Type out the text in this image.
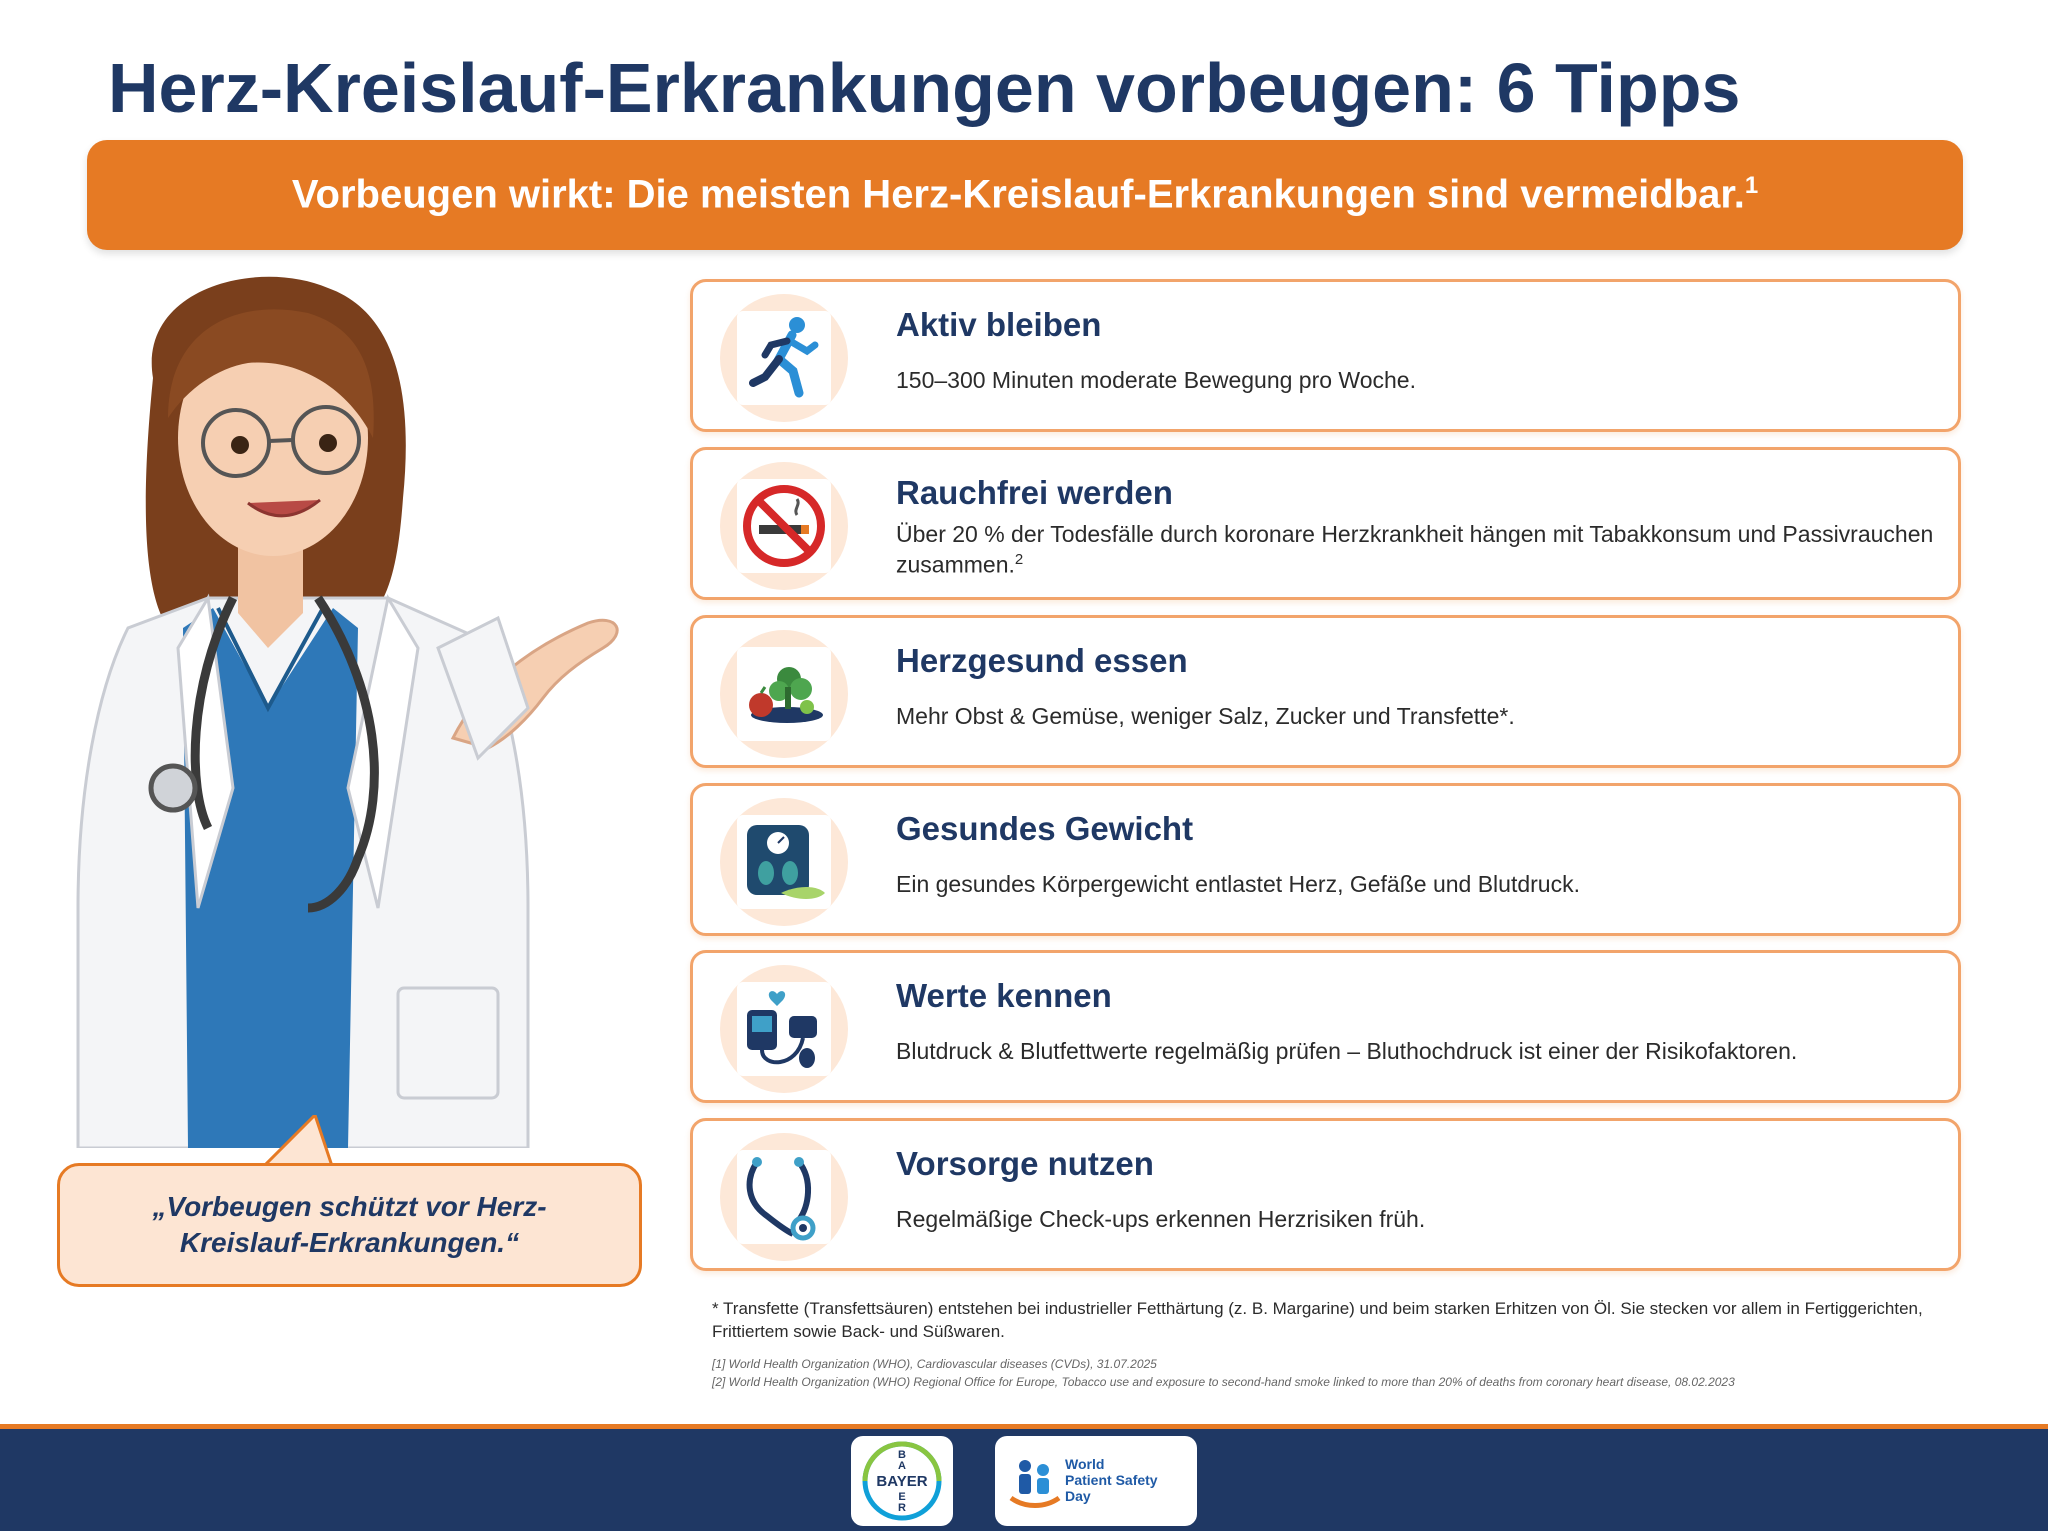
Herz-Kreislauf-Erkrankungen vorbeugen: 6 Tipps
Vorbeugen wirkt: Die meisten Herz-Kreislauf-Erkrankungen sind vermeidbar.$^1$
„Vorbeugen schützt vor Herz-Kreislauf-Erkrankungen.“
Aktiv bleiben
150–300 Minuten moderate Bewegung pro Woche.
Rauchfrei werden
Über 20 % der Todesfälle durch koronare Herzkrankheit hängen mit Tabakkonsum und Passivrauchen zusammen.$^2$
Herzgesund essen
Mehr Obst & Gemüse, weniger Salz, Zucker und Transfette*.
Gesundes Gewicht
Ein gesundes Körpergewicht entlastet Herz, Gefäße und Blutdruck.
Werte kennen
Blutdruck & Blutfettwerte regelmäßig prüfen – Bluthochdruck ist einer der Risikofaktoren.
Vorsorge nutzen
Regelmäßige Check-ups erkennen Herzrisiken früh.
* Transfette (Transfettsäuren) entstehen bei industrieller Fetthärtung (z. B. Margarine) und beim starken Erhitzen von Öl. Sie stecken vor allem in Fertiggerichten, Frittiertem sowie Back- und Süßwaren.
[1] World Health Organization (WHO), Cardiovascular diseases (CVDs), 31.07.2025
[2] World Health Organization (WHO) Regional Office for Europe, Tobacco use and exposure to second-hand smoke linked to more than 20% of deaths from coronary heart disease, 08.02.2023
BAYER
B
A
E
R
World
Patient Safety
Day
